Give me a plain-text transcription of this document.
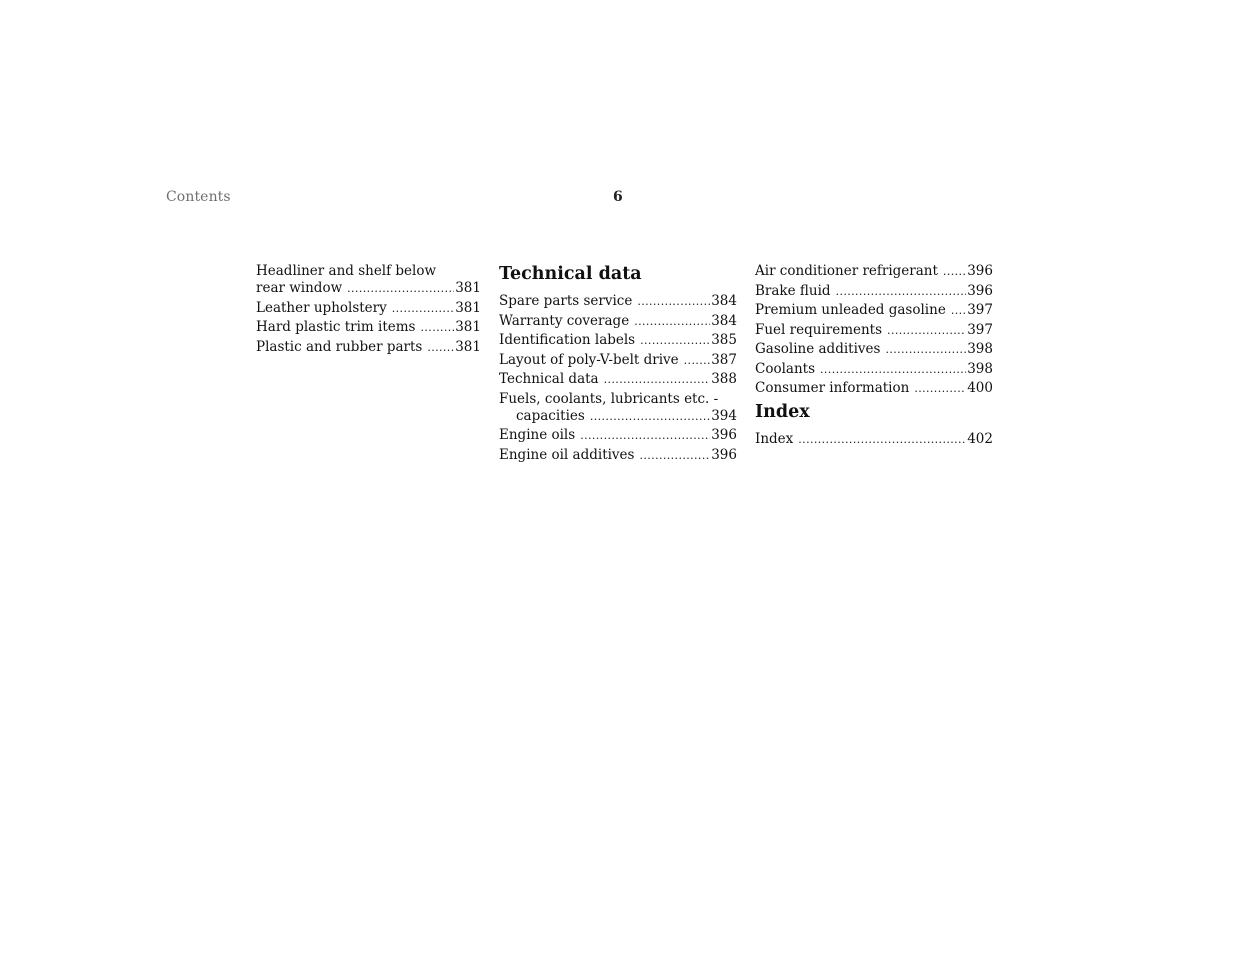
Contents	6
Headliner and shelf below
rear window .....	381
Leather upholstery .....	381
Hard plastic trim items .....	381
Plastic and rubber parts .....	381
Technical data
Spare parts service .....	384
Warranty coverage .....	384
Identification labels .....	385
Layout of poly-V-belt drive .....	387
Technical data .....	388
Fuels, coolants, lubricants etc. -
capacities .....	394
Engine oils .....	396
Engine oil additives .....	396
Air conditioner refrigerant .....	396
Brake fluid .....	396
Premium unleaded gasoline .....	397
Fuel requirements .....	397
Gasoline additives .....	398
Coolants .....	398
Consumer information .....	400
Index
Index .....	402
